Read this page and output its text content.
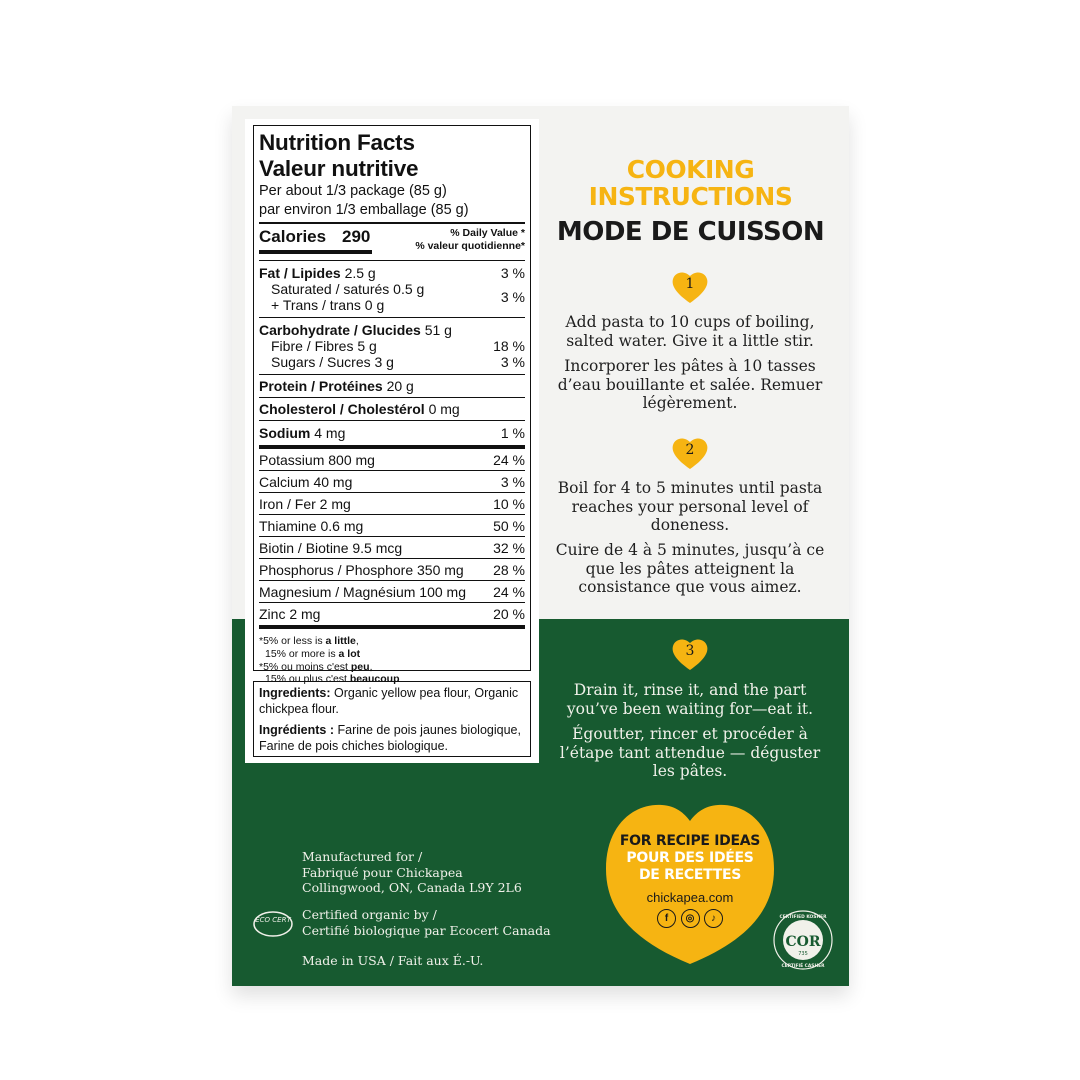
Nutrition Facts
Valeur nutritive
Per about 1/3 package (85 g)
par environ 1/3 emballage (85 g)
Calories 290	% Daily Value *
% valeur quotidienne*
Fat / Lipides 2.5 g	3 %
Saturated / saturés 0.5 g
+ Trans / trans 0 g	3 %
Carbohydrate / Glucides 51 g
Fibre / Fibres 5 g	18 %
Sugars / Sucres 3 g	3 %
Protein / Protéines 20 g
Cholesterol / Cholestérol 0 mg
Sodium 4 mg	1 %
Potassium 800 mg	24 %
Calcium 40 mg	3 %
Iron / Fer 2 mg	10 %
Thiamine 0.6 mg	50 %
Biotin / Biotine 9.5 mcg	32 %
Phosphorus / Phosphore 350 mg 28 %
Magnesium / Magnésium 100 mg 24 %
Zinc 2 mg	20 %
*5% or less is a little,
15% or more is a lot
*5% ou moins c'est peu,
15% ou plus c'est beaucoup

Ingredients: Organic yellow pea flour, Organic chickpea flour.

Ingrédients : Farine de pois jaunes biologique, Farine de pois chiches biologique.

COOKING
INSTRUCTIONS
MODE DE CUISSON
1
Add pasta to 10 cups of boiling, salted water. Give it a little stir.
Incorporer les pâtes à 10 tasses d’eau bouillante et salée. Remuer légèrement.
2
Boil for 4 to 5 minutes until pasta reaches your personal level of doneness.
Cuire de 4 à 5 minutes, jusqu’à ce que les pâtes atteignent la consistance que vous aimez.
3
Drain it, rinse it, and the part you’ve been waiting for—eat it.
Égoutter, rincer et procéder à l’étape tant attendue — déguster les pâtes.
FOR RECIPE IDEAS
POUR DES IDÉES
DE RECETTES
chickapea.com
f	◎	♪
Manufactured for /
Fabriqué pour Chickapea
Collingwood, ON, Canada L9Y 2L6
Certified organic by /
Certifié biologique par Ecocert Canada
Made in USA / Fait aux É.-U.
ECO CERT
COR
735
CERTIFIED KOSHER
CERTIFIÉ CASHER
